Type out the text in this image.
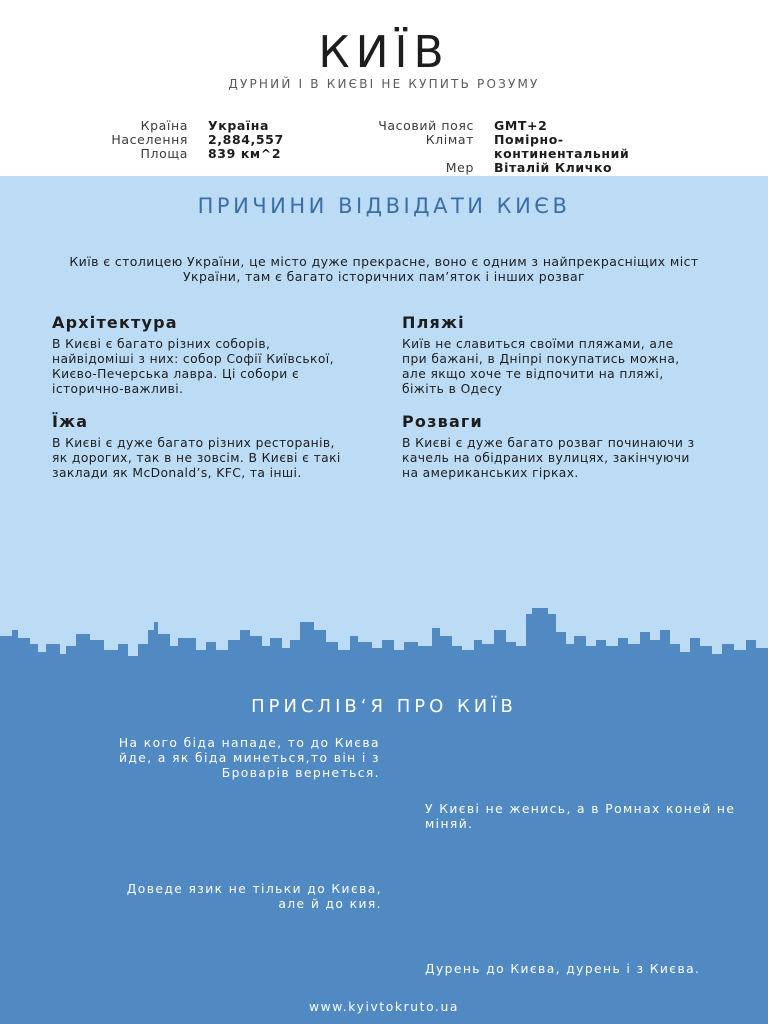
КИЇВ
ДУРНИЙ І В КИЄВІ НЕ КУПИТЬ РОЗУМУ
Країна	Україна
Населення	2,884,557
Площа	839 км^2
Часовий пояс	GMT+2
Клімат	Помірно-континентальний
Мер	Віталій Кличко
ПРИЧИНИ ВІДВІДАТИ КИЄВ
Київ є столицею України, це місто дуже прекрасне, воно є одним з найпрекрасніщих міст України, там є багато історичних пам’яток і інших розваг
Архітектура

В Києві є багато різних соборів, найвідоміші з них: собор Софії Київської, Києво-Печерська лавра. Ці собори є історично-важливі.

Пляжі

Київ не славиться своїми пляжами, але при бажані, в Дніпрі покупатись можна, але якщо хоче те відпочити на пляжі, біжіть в Одесу

Їжа

В Києві є дуже багато різних ресторанів, як дорогих, так в не зовсім. В Києві є такі заклади як McDonald’s, KFC, та інші.

Розваги

В Києві є дуже багато розваг починаючи з качель на обідраних вулицях, закінчуючи на американських гірках.

ПРИСЛІВ‘Я ПРО КИЇВ
На кого біда нападе, то до Києва йде, а як біда минеться,то він і з Броварів вернеться.
У Києві не женись, а в Ромнах коней не міняй.
Доведе язик не тільки до Києва, але й до кия.
Дурень до Києва, дурень і з Києва.
www.kyivtokruto.ua
